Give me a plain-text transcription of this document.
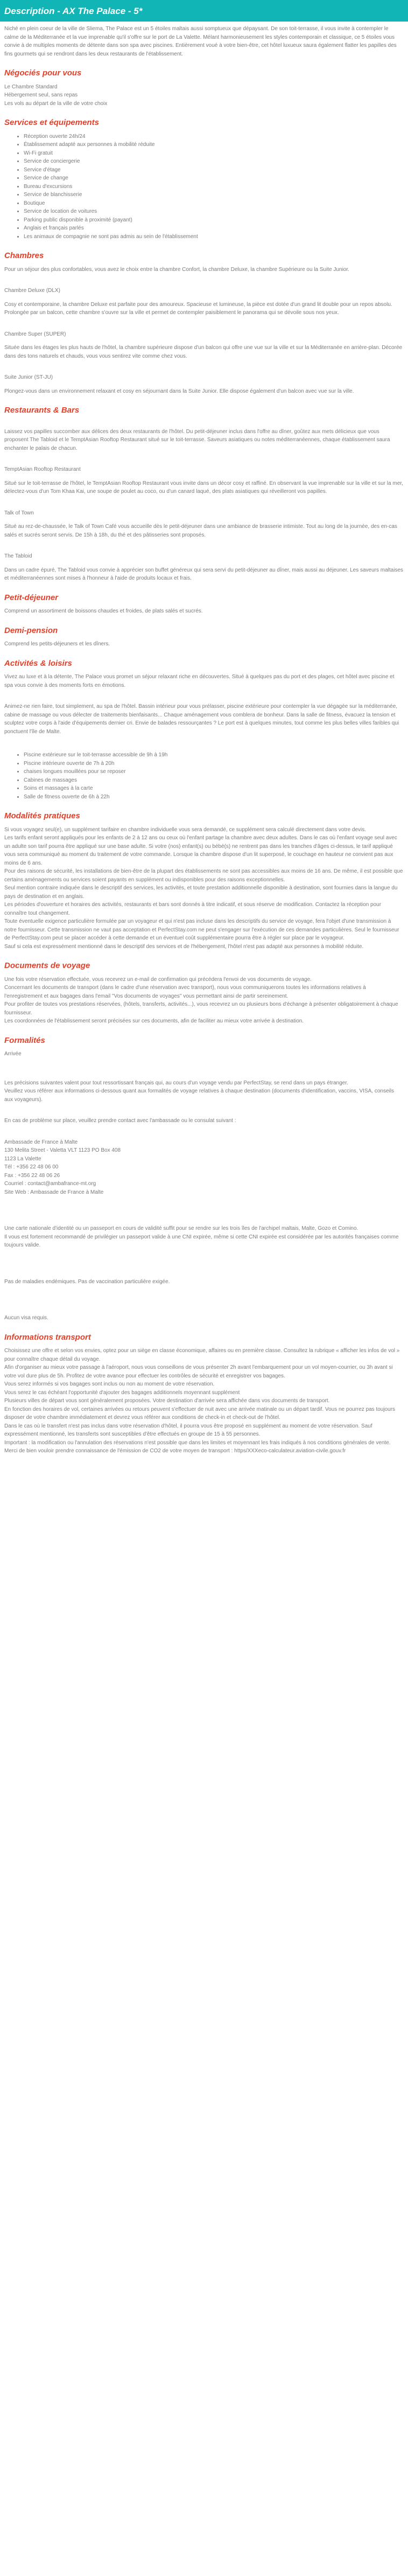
Description - AX The Palace - 5*

Niché en plein coeur de la ville de Sliema, The Palace est un 5 étoiles maltais aussi somptueux que dépaysant. De son toit-terrasse, il vous invite à contempler le calme de la Méditerranée et la vue imprenable qu'il s'offre sur le port de La Valette. Mélant harmonieusement les styles contemporain et classique, ce 5 étoiles vous convie à de multiples moments de détente dans son spa avec piscines. Entièrement voué à votre bien-être, cet hôtel luxueux saura également flatter les papilles des fins gourmets qui se rendront dans les deux restaurants de l'établissement.

Négociés pour vous
Le Chambre Standard
Hébergement seul, sans repas
Les vols au départ de la ville de votre choix
Services et équipements
• Réception ouverte 24h/24
• Établissement adapté aux personnes à mobilité réduite
• Wi-Fi gratuit
• Service de conciergerie
• Service d'étage
• Service de change
• Bureau d'excursions
• Service de blanchisserie
• Boutique
• Service de location de voitures
• Parking public disponible à proximité (payant)
• Anglais et français parlés
• Les animaux de compagnie ne sont pas admis au sein de l'établissement
Chambres

Pour un séjour des plus confortables, vous avez le choix entre la chambre Confort, la chambre Deluxe, la chambre Supérieure ou la Suite Junior.

Chambre Deluxe (DLX)

Cosy et contemporaine, la chambre Deluxe est parfaite pour des amoureux. Spacieuse et lumineuse, la pièce est dotée d'un grand lit double pour un repos absolu. Prolongée par un balcon, cette chambre s'ouvre sur la ville et permet de contempler paisiblement le panorama qui se dévoile sous nos yeux.

Chambre Super (SUPER)

Située dans les étages les plus hauts de l'hôtel, la chambre supérieure dispose d'un balcon qui offre une vue sur la ville et sur la Méditerranée en arrière-plan. Décorée dans des tons naturels et chauds, vous vous sentirez vite comme chez vous.

Suite Junior (ST-JU)

Plongez-vous dans un environnement relaxant et cosy en séjournant dans la Suite Junior. Elle dispose également d'un balcon avec vue sur la ville.

Restaurants & Bars

Laissez vos papilles succomber aux délices des deux restaurants de l'hôtel. Du petit-déjeuner inclus dans l'offre au dîner, goûtez aux mets délicieux que vous proposent The Tabloid et le TemptAsian Rooftop Restaurant situé sur le toit-terrasse. Saveurs asiatiques ou notes méditerranéennes, chaque établissement saura enchanter le palais de chacun.

TemptAsian Rooftop Restaurant

Situé sur le toit-terrasse de l'hôtel, le TemptAsian Rooftop Restaurant vous invite dans un décor cosy et raffiné. En observant la vue imprenable sur la ville et sur la mer, délectez-vous d'un Tom Khaa Kai, une soupe de poulet au coco, ou d'un canard laqué, des plats asiatiques qui réveilleront vos papilles.

Talk of Town

Situé au rez-de-chaussée, le Talk of Town Café vous accueille dès le petit-déjeuner dans une ambiance de brasserie intimiste. Tout au long de la journée, des en-cas salés et sucrés seront servis. De 15h à 18h, du thé et des pâtisseries sont proposés.

The Tabloid

Dans un cadre épuré, The Tabloid vous convie à apprécier son buffet généreux qui sera servi du petit-déjeuner au dîner, mais aussi au déjeuner. Les saveurs maltaises et méditerranéennes sont mises à l'honneur à l'aide de produits locaux et frais.

Petit-déjeuner

Comprend un assortiment de boissons chaudes et froides, de plats salés et sucrés.

Demi-pension

Comprend les petits-déjeuners et les dîners.

Activités & loisirs

Vivez au luxe et à la détente, The Palace vous promet un séjour relaxant riche en découvertes. Situé à quelques pas du port et des plages, cet hôtel avec piscine et spa vous convie à des moments forts en émotions.

Animez-ne rien faire, tout simplement, au spa de l'hôtel. Bassin intérieur pour vous prélasser, piscine extérieure pour contempler la vue dégagée sur la méditerranée, cabine de massage ou vous délecter de traitements bienfaisants... Chaque aménagement vous comblera de bonheur. Dans la salle de fitness, évacuez la tension et sculptez votre corps à l'aide d'équipements dernier cri. Envie de balades ressourçantes ? Le port est à quelques minutes, tout comme les plus belles villes faribles qui ponctuent l'île de Malte.

• Piscine extérieure sur le toit-terrasse accessible de 9h à 19h
• Piscine intérieure ouverte de 7h à 20h
• chaises longues mouillées pour se reposer
• Cabines de massages
• Soins et massages à la carte
• Salle de fitness ouverte de 6h à 22h
Modalités pratiques

Si vous voyagez seul(e), un supplément tarifaire en chambre individuelle vous sera demandé, ce supplément sera calculé directement dans votre devis.
Les tarifs enfant seront appliqués pour les enfants de 2 à 12 ans ou ceux où l'enfant partage la chambre avec deux adultes. Dans le cas où l'enfant voyage seul avec un adulte son tarif pourra être appliqué sur une base adulte. Si votre (nos) enfant(s) ou bébé(s) ne rentrent pas dans les tranches d'âges ci-dessus, le tarif appliqué vous sera communiqué au moment du traitement de votre commande. Lorsque la chambre dispose d'un lit superposé, le couchage en hauteur ne convient pas aux moins de 6 ans.
Pour des raisons de sécurité, les installations de bien-être de la plupart des établissements ne sont pas accessibles aux moins de 16 ans. De même, il est possible que certains aménagements ou services soient payants en supplément ou indisponibles pour des raisons exceptionnelles.
Seul mention contraire indiquée dans le descriptif des services, les activités, et toute prestation additionnelle disponible à destination, sont fournies dans la langue du pays de destination et en anglais.
Les périodes d'ouverture et horaires des activités, restaurants et bars sont donnés à titre indicatif, et sous réserve de modification. Contactez la réception pour connaître tout changement.
Toute éventuelle exigence particulière formulée par un voyageur et qui n'est pas incluse dans les descriptifs du service de voyage, fera l'objet d'une transmission à notre fournisseur. Cette transmission ne vaut pas acceptation et PerfectStay.com ne peut s'engager sur l'exécution de ces demandes particulières. Seul le fournisseur de PerfectStay.com peut se placer accéder à cette demande et un éventuel coût supplémentaire pourra être à régler sur place par le voyageur.
Sauf si cela est expressément mentionné dans le descriptif des services et de l'hébergement, l'hôtel n'est pas adapté aux personnes à mobilité réduite.

Documents de voyage

Une fois votre réservation effectuée, vous recevrez un e-mail de confirmation qui précédera l'envoi de vos documents de voyage.
Concernant les documents de transport (dans le cadre d'une réservation avec transport), nous vous communiquerons toutes les informations relatives à l'enregistrement et aux bagages dans l'email "Vos documents de voyages" vous permettant ainsi de partir sereinement.
Pour profiter de toutes vos prestations réservées, (hôtels, transferts, activités...), vous recevrez un ou plusieurs bons d'échange à présenter obligatoirement à chaque fournisseur.
Les coordonnées de l'établissement seront précisées sur ces documents, afin de faciliter au mieux votre arrivée à destination.

Formalités

Arrivée

Les précisions suivantes valent pour tout ressortissant français qui, au cours d'un voyage vendu par PerfectStay, se rend dans un pays étranger.
Veuillez vous référer aux informations ci-dessous quant aux formalités de voyage relatives à chaque destination (documents d'identification, vaccins, VISA, conseils aux voyageurs).

En cas de problème sur place, veuillez prendre contact avec l'ambassade ou le consulat suivant :

Ambassade de France à Malte
130 Melita Street - Valetta VLT 1123 PO Box 408
1123 La Valette
Tél : +356 22 48 06 00
Fax : +356 22 48 06 26
Courriel : contact@ambafrance-mt.org
Site Web : Ambassade de France à Malte

Une carte nationale d'identité ou un passeport en cours de validité suffit pour se rendre sur les trois îles de l'archipel maltais, Malte, Gozo et Comino.
Il vous est fortement recommandé de privilégier un passeport valide à une CNI expirée, même si cette CNI expirée est considérée par les autorités françaises comme toujours valide.

Pas de maladies endémiques. Pas de vaccination particulière exigée.

Aucun visa requis.

Informations transport

Choisissez une offre et selon vos envies, optez pour un siège en classe économique, affaires ou en première classe. Consultez la rubrique « afficher les infos de vol » pour connaître chaque détail du voyage.
Afin d'organiser au mieux votre passage à l'aéroport, nous vous conseillons de vous présenter 2h avant l'embarquement pour un vol moyen-courrier, ou 3h avant si votre vol dure plus de 5h. Profitez de votre avance pour effectuer les contrôles de sécurité et enregistrer vos bagages.
Vous serez informés si vos bagages sont inclus ou non au moment de votre réservation.
Vous serez le cas échéant l'opportunité d'ajouter des bagages additionnels moyennant supplément
Plusieurs villes de départ vous sont généralement proposées. Votre destination d'arrivée sera affichée dans vos documents de transport.
En fonction des horaires de vol, certaines arrivées ou retours peuvent s'effectuer de nuit avec une arrivée matinale ou un départ tardif. Vous ne pourrez pas toujours disposer de votre chambre immédiatement et devrez vous référer aux conditions de check-in et check-out de l'hôtel.
Dans le cas où le transfert n'est pas inclus dans votre réservation d'hôtel, il pourra vous être proposé en supplément au moment de votre réservation. Sauf expressément mentionné, les transferts sont susceptibles d'être effectués en groupe de 15 à 55 personnes.
Important : la modification ou l'annulation des réservations n'est possible que dans les limites et moyennant les frais indiqués à nos conditions générales de vente.
Merci de bien vouloir prendre connaissance de l'émission de CO2 de votre moyen de transport : https/XXXeco-calculateur.aviation-civile.gouv.fr
